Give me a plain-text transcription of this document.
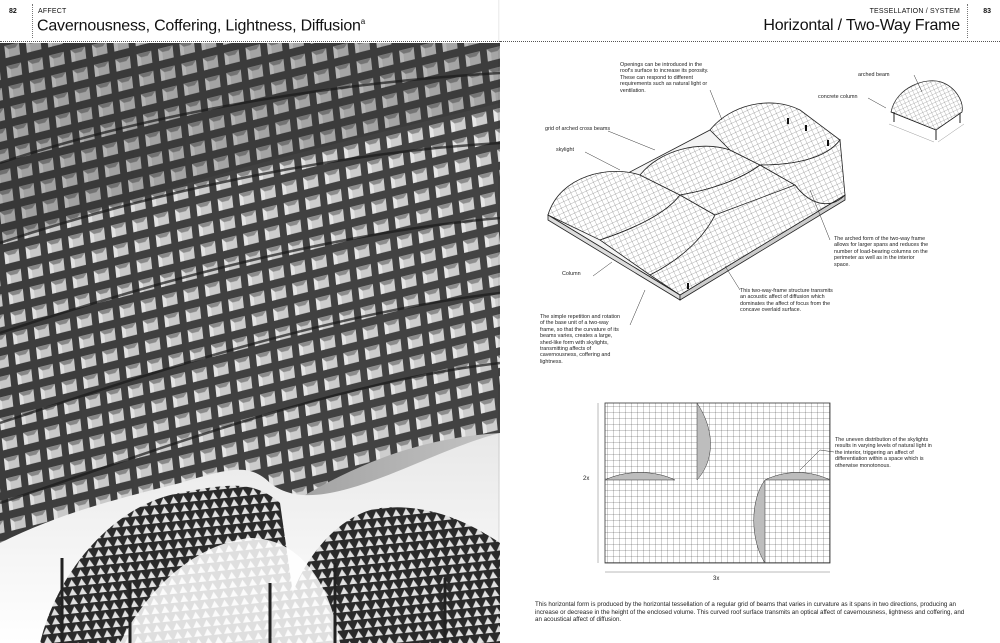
82	AFFECT
Cavernousness, Coffering, Lightness, Diffusion$^a$
TESSELLATION / SYSTEM
Horizontal / Two-Way Frame
83
2x
3x
Openings can be introduced in the roof's surface to increase its porosity. These can respond to different requirements such as natural light or ventilation.
arched beam
concrete column
grid of arched cross beams
skylight
Column
The arched form of the two-way frame allows for larger spans and reduces the number of load-bearing columns on the perimeter as well as in the interior space.
This two-way-frame structure transmits an acoustic affect of diffusion which dominates the affect of focus from the concave overlaid surface.
The simple repetition and rotation of the base unit of a two-way frame, so that the curvature of its beams varies, creates a large, shed-like form with skylights, transmitting affects of cavernousness, coffering and lightness.
The uneven distribution of the skylights results in varying levels of natural light in the interior, triggering an affect of differentiation within a space which is otherwise monotonous.
This horizontal form is produced by the horizontal tessellation of a regular grid of beams that varies in curvature as it spans in two directions, producing an increase or decrease in the height of the enclosed volume. This curved roof surface transmits an optical affect of cavernousness, lightness and coffering, and an acoustical affect of diffusion.
